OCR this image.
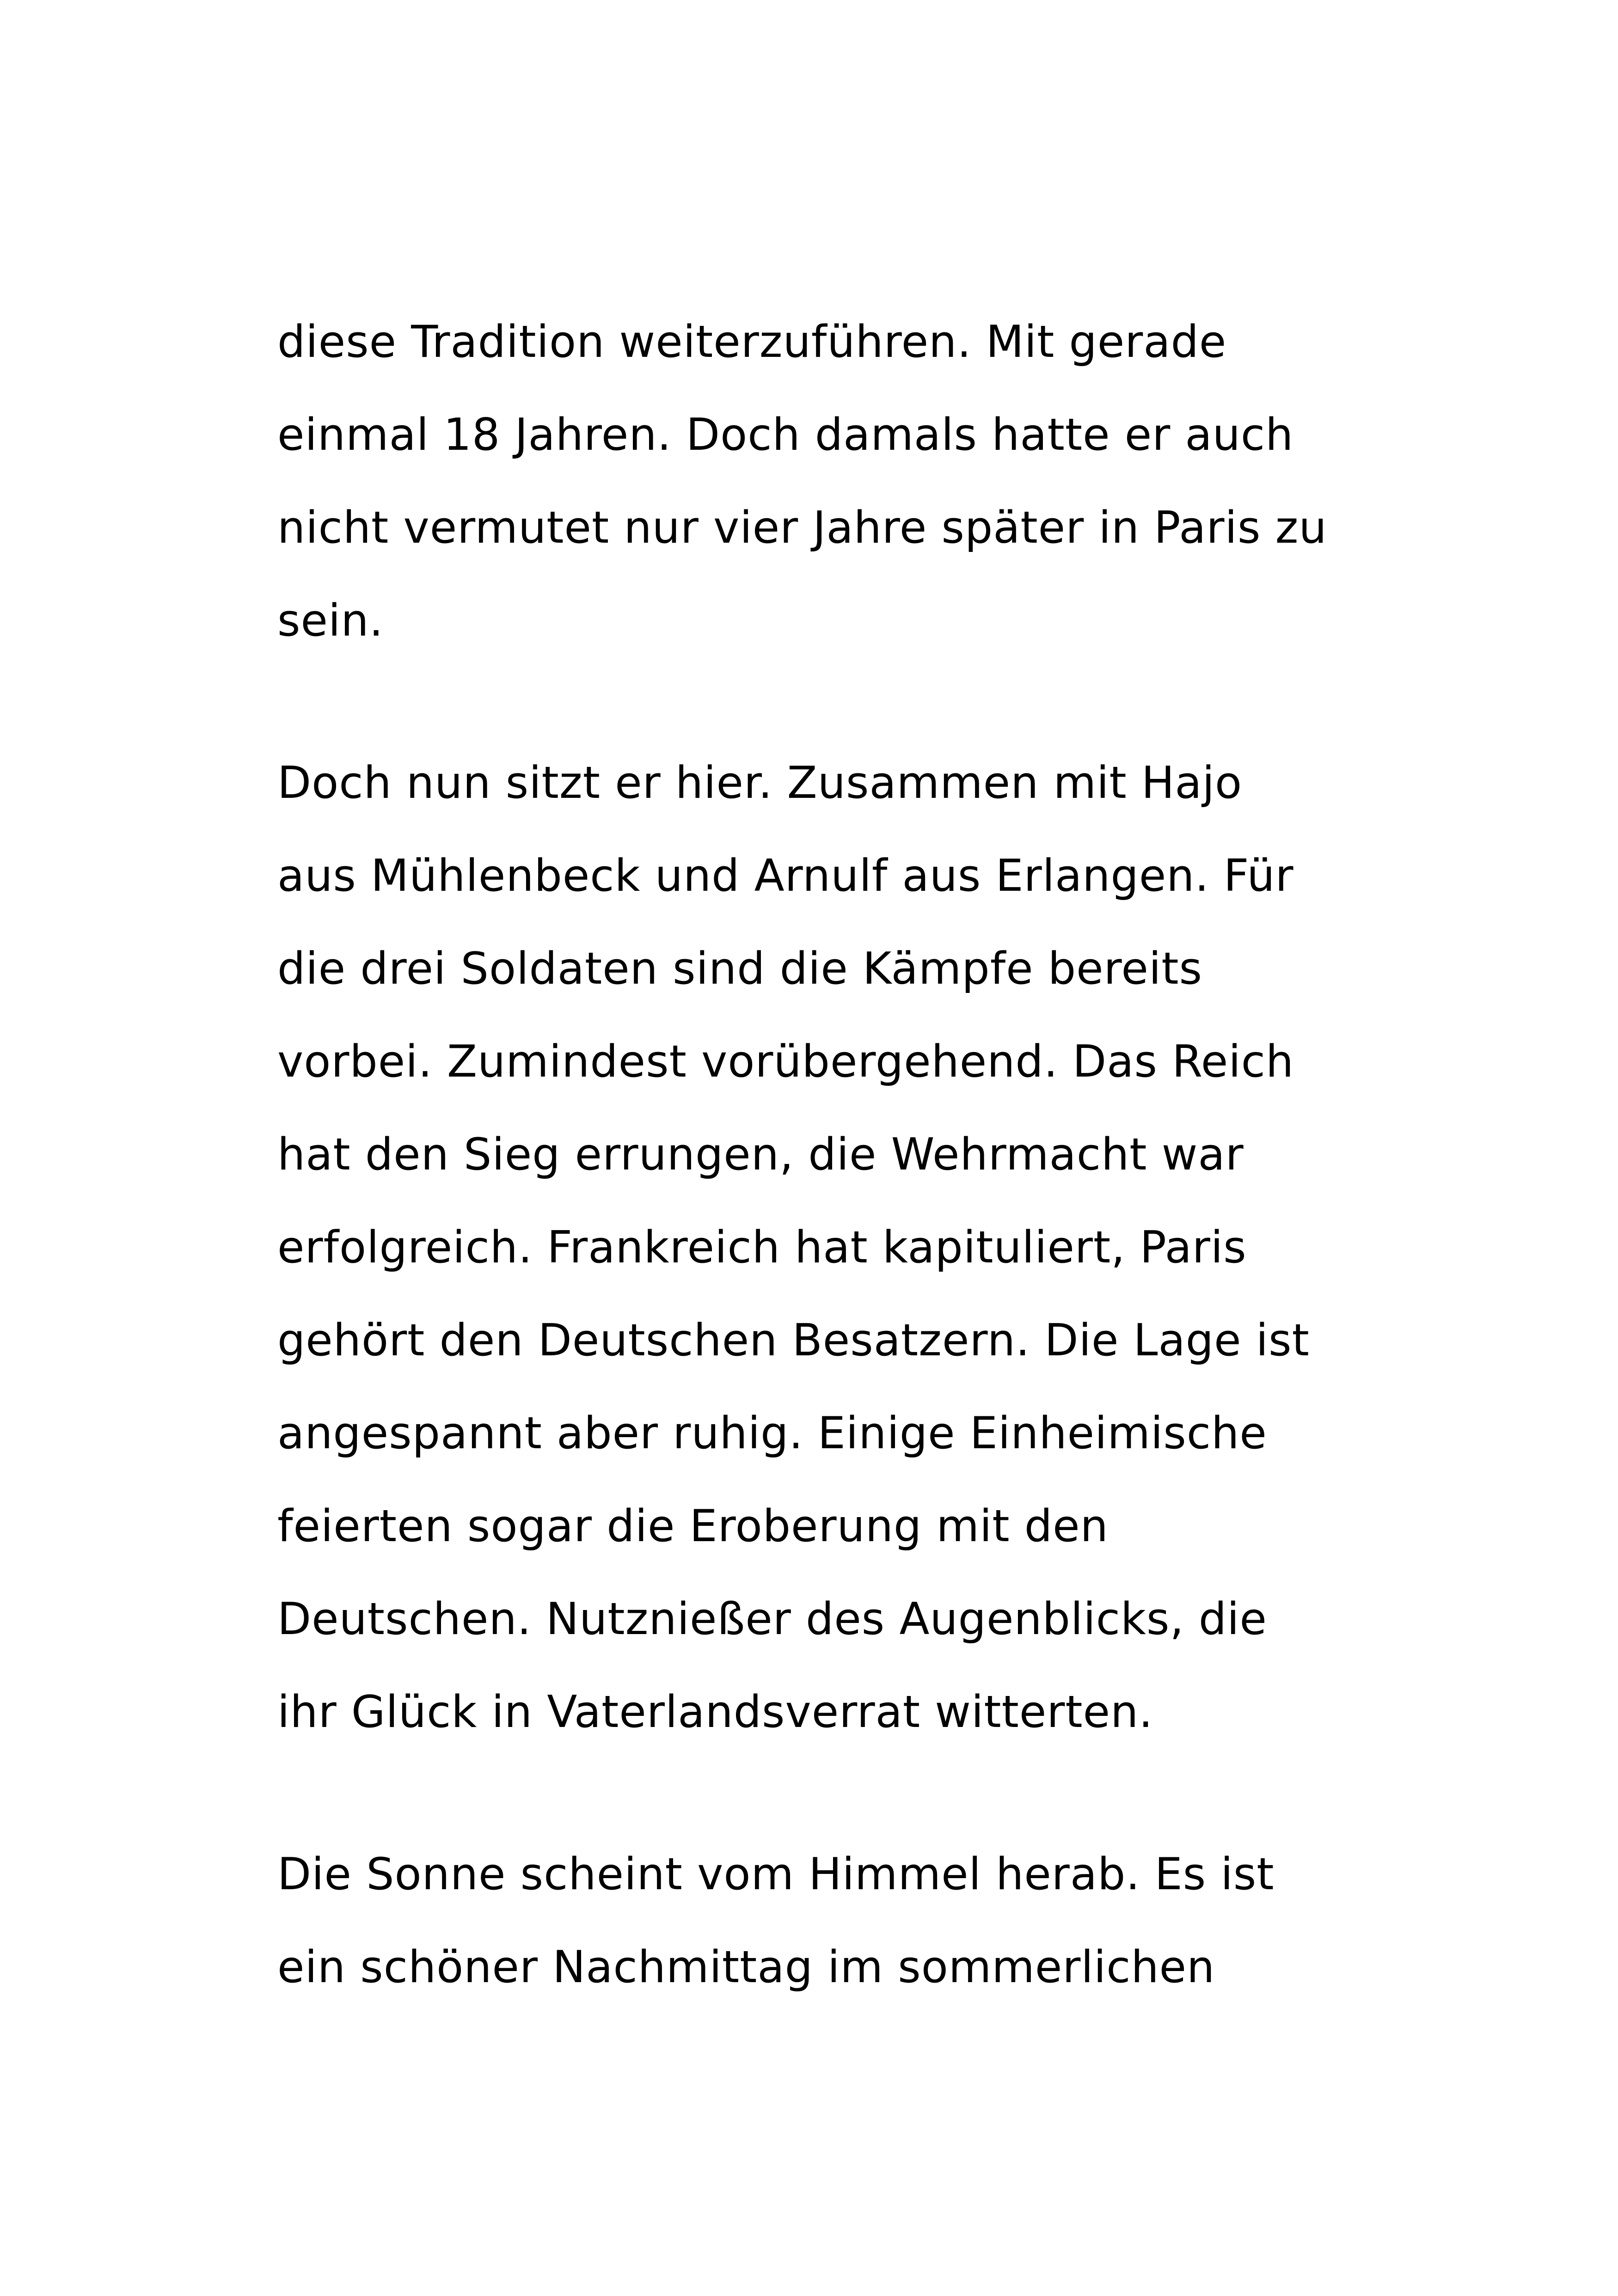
diese Tradition weiterzuführen. Mit gerade
einmal 18 Jahren. Doch damals hatte er auch
nicht vermutet nur vier Jahre später in Paris zu
sein.
Doch nun sitzt er hier. Zusammen mit Hajo
aus Mühlenbeck und Arnulf aus Erlangen. Für
die drei Soldaten sind die Kämpfe bereits
vorbei. Zumindest vorübergehend. Das Reich
hat den Sieg errungen, die Wehrmacht war
erfolgreich. Frankreich hat kapituliert, Paris
gehört den Deutschen Besatzern. Die Lage ist
angespannt aber ruhig. Einige Einheimische
feierten sogar die Eroberung mit den
Deutschen. Nutznießer des Augenblicks, die
ihr Glück in Vaterlandsverrat witterten.
Die Sonne scheint vom Himmel herab. Es ist
ein schöner Nachmittag im sommerlichen
